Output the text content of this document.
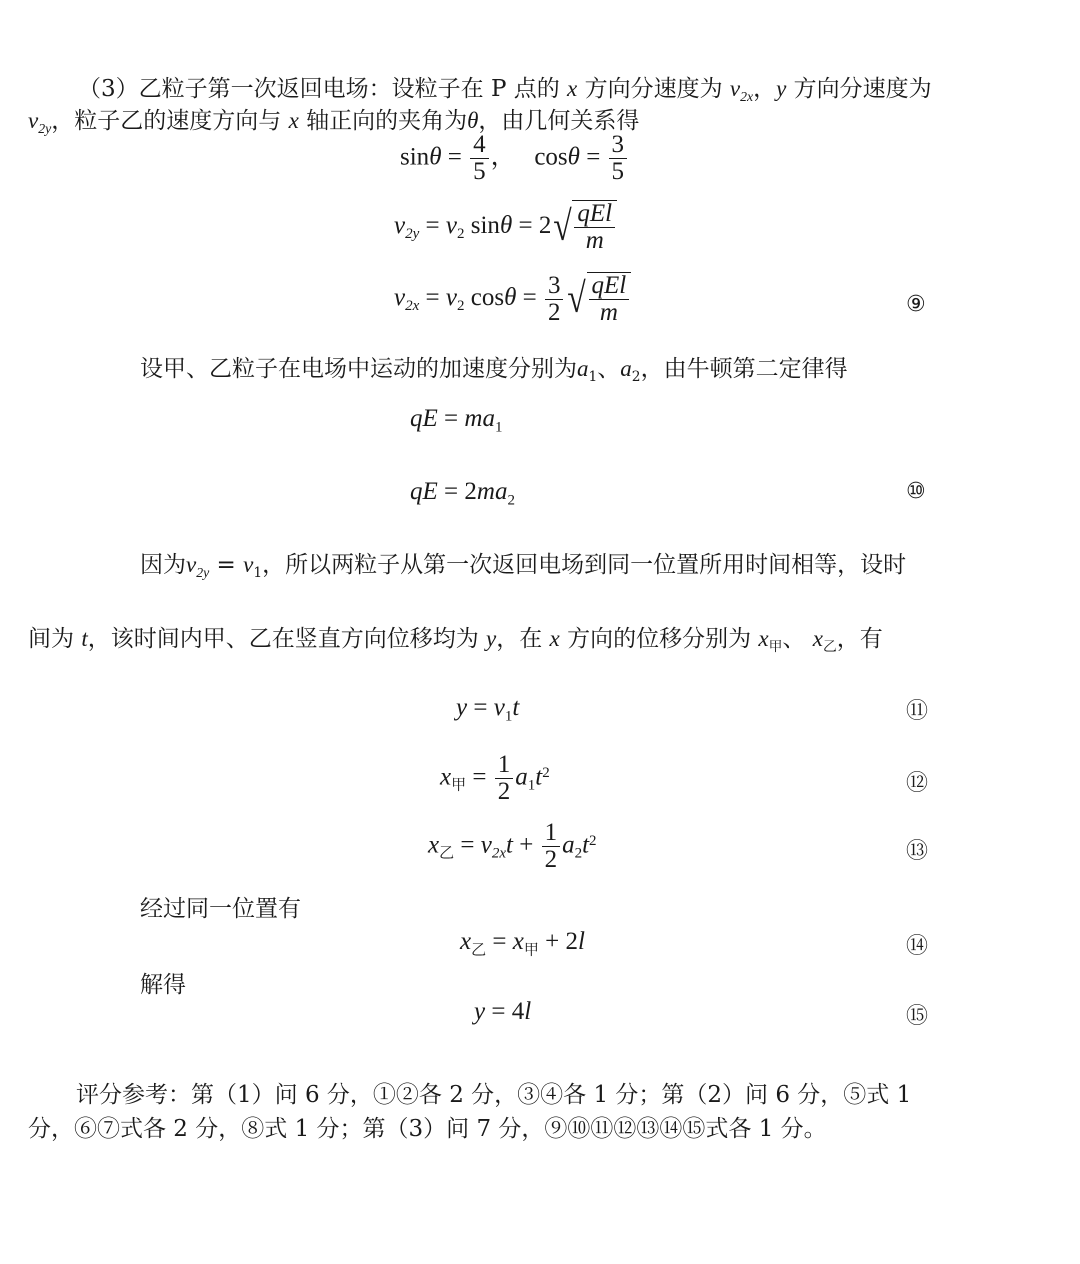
（3）乙粒子第一次返回电场：设粒子在 P 点的 x 方向分速度为 $v_{2x}$，y 方向分速度为
$v_{2y}$，粒子乙的速度方向与 x 轴正向的夹角为θ，由几何关系得
$\sin\theta = \frac{4}{5}$ ，   $\cos\theta = \frac{3}{5}$
$v_{2y} = v_2$ $\sin\theta = 2√ \frac{\text{qEl}}{m}$
$v_{2x} = v_2$ $\cos\theta = \frac{3}{2}$ √ $\frac{\text{qEl}}{m}$	⑨
设甲、乙粒子在电场中运动的加速度分别为$a_1$、$a_2$，由牛顿第二定律得
qE = $ma_1$
qE = $2ma_2$	⑩
因为$v_{2y} = v_1$，所以两粒子从第一次返回电场到同一位置所用时间相等，设时
间为 t，该时间内甲、乙在竖直方向位移均为 y，在 x 方向的位移分别为 $x_甲$、 $x_乙$，有
$y = v_1t$	⑪
$x_甲 = \frac{1}{2} a_1t^2$	⑫
$x_乙 = v_{2x}t + \frac{1}{2} a_2t^2$	⑬
经过同一位置有
$x_乙 = x_甲 + 2l$	⑭
解得
y = 4l	⑮
评分参考：第（1）问 6 分，①②各 2 分，③④各 1 分；第（2）问 6 分，⑤式 1
分，⑥⑦式各 2 分，⑧式 1 分；第（3）问 7 分，⑨⑩⑪⑫⑬⑭⑮式各 1 分。
